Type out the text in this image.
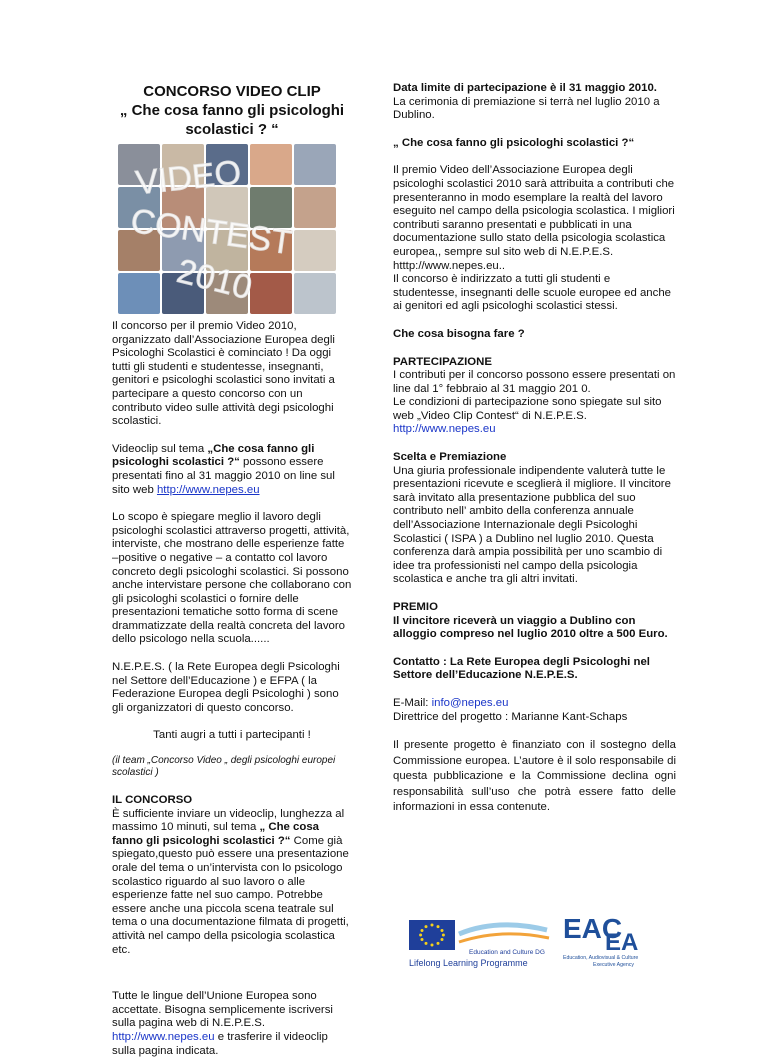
CONCORSO VIDEO CLIP
„ Che cosa fanno gli psicologhi scolastici ? “
VIDEO
CONTEST
2010

Il concorso per il premio Video 2010, organizzato dall’Associazione Europea degli Psicologhi Scolastici è cominciato ! Da oggi tutti gli studenti e studentesse, insegnanti, genitori e psicologhi scolastici sono invitati a partecipare a questo concorso con un contributo video sulle attività degi psicologhi scolastici.

Videoclip sul tema „Che cosa fanno gli psicologhi scolastici ?“ possono essere presentati fino al 31 maggio 2010 on line sul sito web http://www.nepes.eu

Lo scopo è spiegare meglio il lavoro degli psicologhi scolastici attraverso progetti, attività, interviste, che mostrano delle esperienze fatte –positive o negative – a contatto col lavoro concreto degli psicologhi scolastici. Si possono anche intervistare persone che collaborano con gli psicologhi scolastici o fornire delle presentazioni tematiche sotto forma di scene drammatizzate della realtà concreta del lavoro dello psicologo nella scuola......

N.E.P.E.S. ( la Rete Europea degli Psicologhi nel Settore dell’Educazione ) e EFPA ( la Federazione Europea degli Psicologhi ) sono gli organizzatori di questo concorso.

Tanti augri a tutti i partecipanti !

(il team „Concorso Video „ degli psicologhi europei scolastici )

IL CONCORSO

È sufficiente inviare un videoclip, lunghezza al massimo 10 minuti, sul tema „ Che cosa fanno gli psicologhi scolastici ?“ Come già spiegato,questo può essere una presentazione orale del tema o un’intervista con lo psicologo scolastico riguardo al suo lavoro o alle esperienze fatte nel suo campo. Potrebbe essere anche una piccola scena teatrale sul tema o una documentazione filmata di progetti, attività nel campo della psicologia scolastica etc.

Tutte le lingue dell’Unione Europea sono accettate. Bisogna semplicemente iscriversi sulla pagina web di N.E.P.E.S. http://www.nepes.eu e trasferire il videoclip sulla pagina indicata.

Data limite di partecipazione è il 31 maggio 2010.

La cerimonia di premiazione si terrà nel luglio 2010 a Dublino.

„ Che cosa fanno gli psicologhi scolastici ?“

Il premio Video dell’Associazione Europea degli psicologhi scolastici 2010 sarà attribuita a contributi che presenteranno in modo esemplare la realtà del lavoro eseguito nel campo della psicologia scolastica. I migliori contributi saranno presentati e pubblicati in una documentazione sullo stato della psicologia scolastica europea,, sempre sul sito web di N.E.P.E.S. htttp://www.nepes.eu..

Il concorso è indirizzato a tutti gli studenti e studentesse, insegnanti delle scuole europee ed anche ai genitori ed agli psicologhi scolastici stessi.

Che cosa bisogna fare ?

PARTECIPAZIONE

I contributi per il concorso possono essere presentati on line dal 1° febbraio al 31 maggio 201 0.

Le condizioni di partecipazione sono spiegate sul sito web „Video Clip Contest“ di N.E.P.E.S.

http://www.nepes.eu

Scelta e Premiazione

Una giuria professionale indipendente valuterà tutte le presentazioni ricevute e sceglierà il migliore. Il vincitore sarà invitato alla presentazione pubblica del suo contributo nell’ ambito della conferenza annuale dell’Associazione Internazionale degli Psicologhi Scolastici ( ISPA ) a Dublino nel luglio 2010. Questa conferenza darà ampia possibilità per uno scambio di idee tra professionisti nel campo della psicologia scolastica e anche tra gli altri invitati.

PREMIO

Il vincitore riceverà un viaggio a Dublino con alloggio compreso nel luglio 2010 oltre a 500 Euro.

Contatto : La Rete Europea degli Psicologhi nel Settore dell’Educazione N.E.P.E.S.

E-Mail: info@nepes.eu

Direttrice del progetto : Marianne Kant-Schaps

Il presente progetto è finanziato con il sostegno della Commissione europea. L’autore è il solo responsabile di questa pubblicazione e la Commissione declina ogni responsabilità sull’uso che potrà essere fatto delle informazioni in essa contenute.

Education and Culture DG
Lifelong Learning Programme
EAC
EA
Education, Audiovisual & Culture
Executive Agency
